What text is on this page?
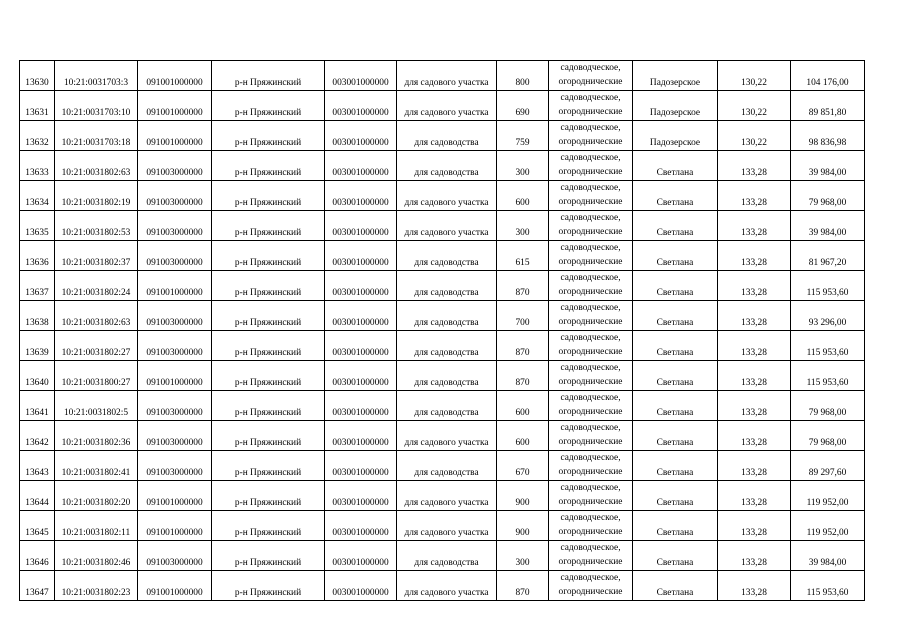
13630	10:21:0031703:3	091001000000	р-н Пряжинский	003001000000	для садового участка	800	садоводческое,
огороднические	Падозерское	130,22	104 176,00
13631	10:21:0031703:10	091001000000	р-н Пряжинский	003001000000	для садового участка	690	садоводческое,
огороднические	Падозерское	130,22	89 851,80
13632	10:21:0031703:18	091001000000	р-н Пряжинский	003001000000	для садоводства	759	садоводческое,
огороднические	Падозерское	130,22	98 836,98
13633	10:21:0031802:63	091003000000	р-н Пряжинский	003001000000	для садоводства	300	садоводческое,
огороднические	Светлана	133,28	39 984,00
13634	10:21:0031802:19	091003000000	р-н Пряжинский	003001000000	для садового участка	600	садоводческое,
огороднические	Светлана	133,28	79 968,00
13635	10:21:0031802:53	091003000000	р-н Пряжинский	003001000000	для садового участка	300	садоводческое,
огороднические	Светлана	133,28	39 984,00
13636	10:21:0031802:37	091003000000	р-н Пряжинский	003001000000	для садоводства	615	садоводческое,
огороднические	Светлана	133,28	81 967,20
13637	10:21:0031802:24	091001000000	р-н Пряжинский	003001000000	для садоводства	870	садоводческое,
огороднические	Светлана	133,28	115 953,60
13638	10:21:0031802:63	091003000000	р-н Пряжинский	003001000000	для садоводства	700	садоводческое,
огороднические	Светлана	133,28	93 296,00
13639	10:21:0031802:27	091003000000	р-н Пряжинский	003001000000	для садоводства	870	садоводческое,
огороднические	Светлана	133,28	115 953,60
13640	10:21:0031800:27	091001000000	р-н Пряжинский	003001000000	для садоводства	870	садоводческое,
огороднические	Светлана	133,28	115 953,60
13641	10:21:0031802:5	091003000000	р-н Пряжинский	003001000000	для садоводства	600	садоводческое,
огороднические	Светлана	133,28	79 968,00
13642	10:21:0031802:36	091003000000	р-н Пряжинский	003001000000	для садового участка	600	садоводческое,
огороднические	Светлана	133,28	79 968,00
13643	10:21:0031802:41	091003000000	р-н Пряжинский	003001000000	для садоводства	670	садоводческое,
огороднические	Светлана	133,28	89 297,60
13644	10:21:0031802:20	091001000000	р-н Пряжинский	003001000000	для садового участка	900	садоводческое,
огороднические	Светлана	133,28	119 952,00
13645	10:21:0031802:11	091001000000	р-н Пряжинский	003001000000	для садового участка	900	садоводческое,
огороднические	Светлана	133,28	119 952,00
13646	10:21:0031802:46	091003000000	р-н Пряжинский	003001000000	для садоводства	300	садоводческое,
огороднические	Светлана	133,28	39 984,00
13647	10:21:0031802:23	091001000000	р-н Пряжинский	003001000000	для садового участка	870	садоводческое,
огороднические	Светлана	133,28	115 953,60
